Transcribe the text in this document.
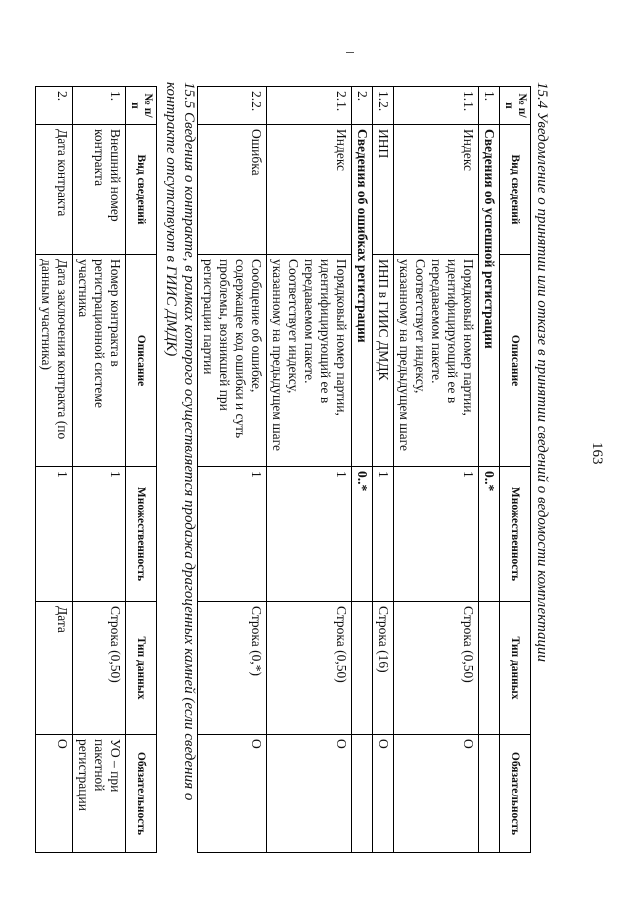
163
15.4 Уведомление о принятии или отказе в принятии сведений о ведомости комплектации
№ п/п	Вид сведений	Описание	Множественность	Тип данных	Обязательность
1.	Сведения об успешной регистрации		0..*		
1.1.	Индекс	Порядковый номер партии, идентифицирующий ее в передаваемом пакете. Соответствует индексу, указанному на предыдущем шаге	1	Строка (0,50)	О
1.2.	ИНП	ИНП в ГИИС ДМДК	1	Строка (16)	О
2.	Сведения об ошибках регистрации		0..*		
2.1.	Индекс	Порядковый номер партии, идентифицирующий ее в передаваемом пакете. Соответствует индексу, указанному на предыдущем шаге	1	Строка (0,50)	О
2.2.	Ошибка	Сообщение об ошибке, содержащее код ошибки и суть проблемы, возникшей при регистрации партии	1	Строка (0,*)	О
15.5 Сведения о контракте, в рамках которого осуществляется продажа драгоценных камней (если сведения о
контракте отсутствуют в ГИИС ДМДК)
№ п/п	Вид сведений	Описание	Множественность	Тип данных	Обязательность
1.	Внешний номер контракта	Номер контракта в регистрационной системе участника	1	Строка (0,50)	УО – при пакетной регистрации
2.	Дата контракта	Дата заключения контракта (по данным участника)	1	Дата	О
